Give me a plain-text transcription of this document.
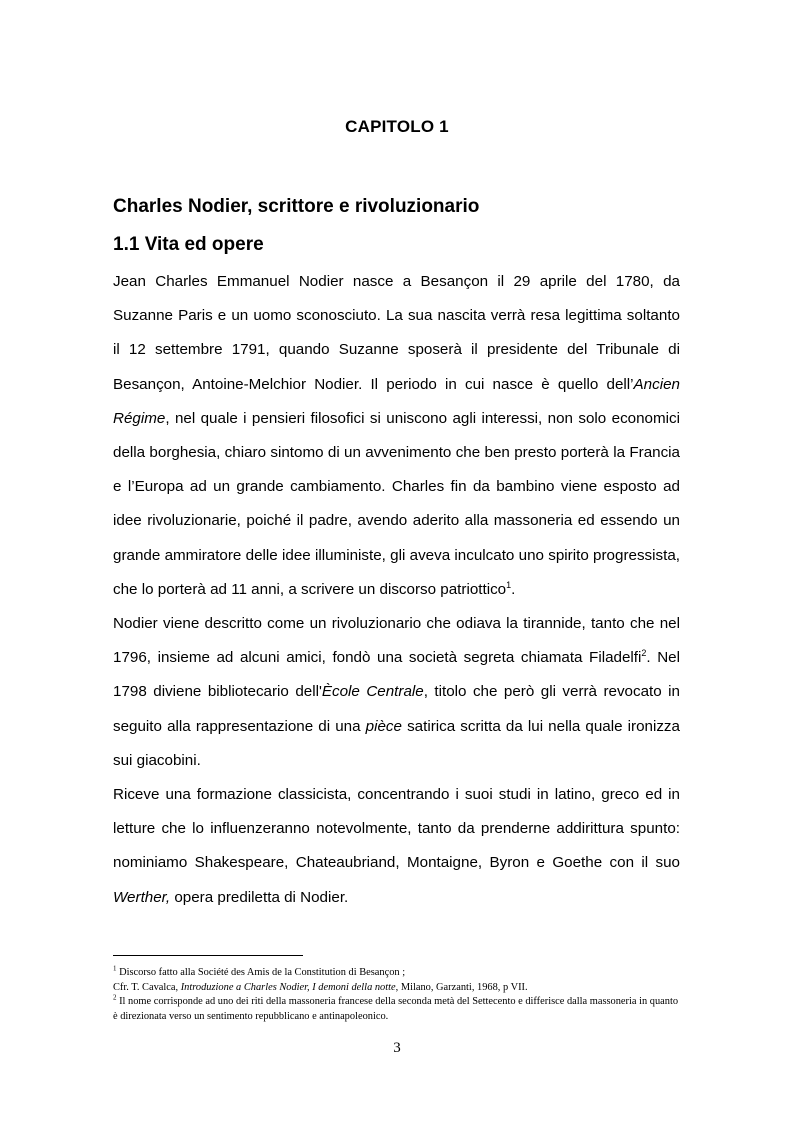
CAPITOLO 1
Charles Nodier, scrittore e rivoluzionario
1.1 Vita ed opere

Jean Charles Emmanuel Nodier nasce a Besançon il 29 aprile del 1780, da Suzanne Paris e un uomo sconosciuto. La sua nascita verrà resa legittima soltanto il 12 settembre 1791, quando Suzanne sposerà il presidente del Tribunale di Besançon, Antoine-Melchior Nodier. Il periodo in cui nasce è quello dell’Ancien Régime, nel quale i pensieri filosofici si uniscono agli interessi, non solo economici della borghesia, chiaro sintomo di un avvenimento che ben presto porterà la Francia e l’Europa ad un grande cambiamento. Charles fin da bambino viene esposto ad idee rivoluzionarie, poiché il padre, avendo aderito alla massoneria ed essendo un grande ammiratore delle idee illuministe, gli aveva inculcato uno spirito progressista, che lo porterà ad 11 anni, a scrivere un discorso patriottico$^1$.

Nodier viene descritto come un rivoluzionario che odiava la tirannide, tanto che nel 1796, insieme ad alcuni amici, fondò una società segreta chiamata Filadelfi$^2$. Nel 1798 diviene bibliotecario dell'Ècole Centrale, titolo che però gli verrà revocato in seguito alla rappresentazione di una pièce satirica scritta da lui nella quale ironizza sui giacobini.

Riceve una formazione classicista, concentrando i suoi studi in latino, greco ed in letture che lo influenzeranno notevolmente, tanto da prenderne addirittura spunto: nominiamo Shakespeare, Chateaubriand, Montaigne, Byron e Goethe con il suo Werther, opera prediletta di Nodier.

$^1$ Discorso fatto alla Société des Amis de la Constitution di Besançon ;
Cfr. T. Cavalca, Introduzione a Charles Nodier, I demoni della notte, Milano, Garzanti, 1968, p VII.

$^2$ Il nome corrisponde ad uno dei riti della massoneria francese della seconda metà del Settecento e differisce dalla massoneria in quanto è direzionata verso un sentimento repubblicano e antinapoleonico.

3
